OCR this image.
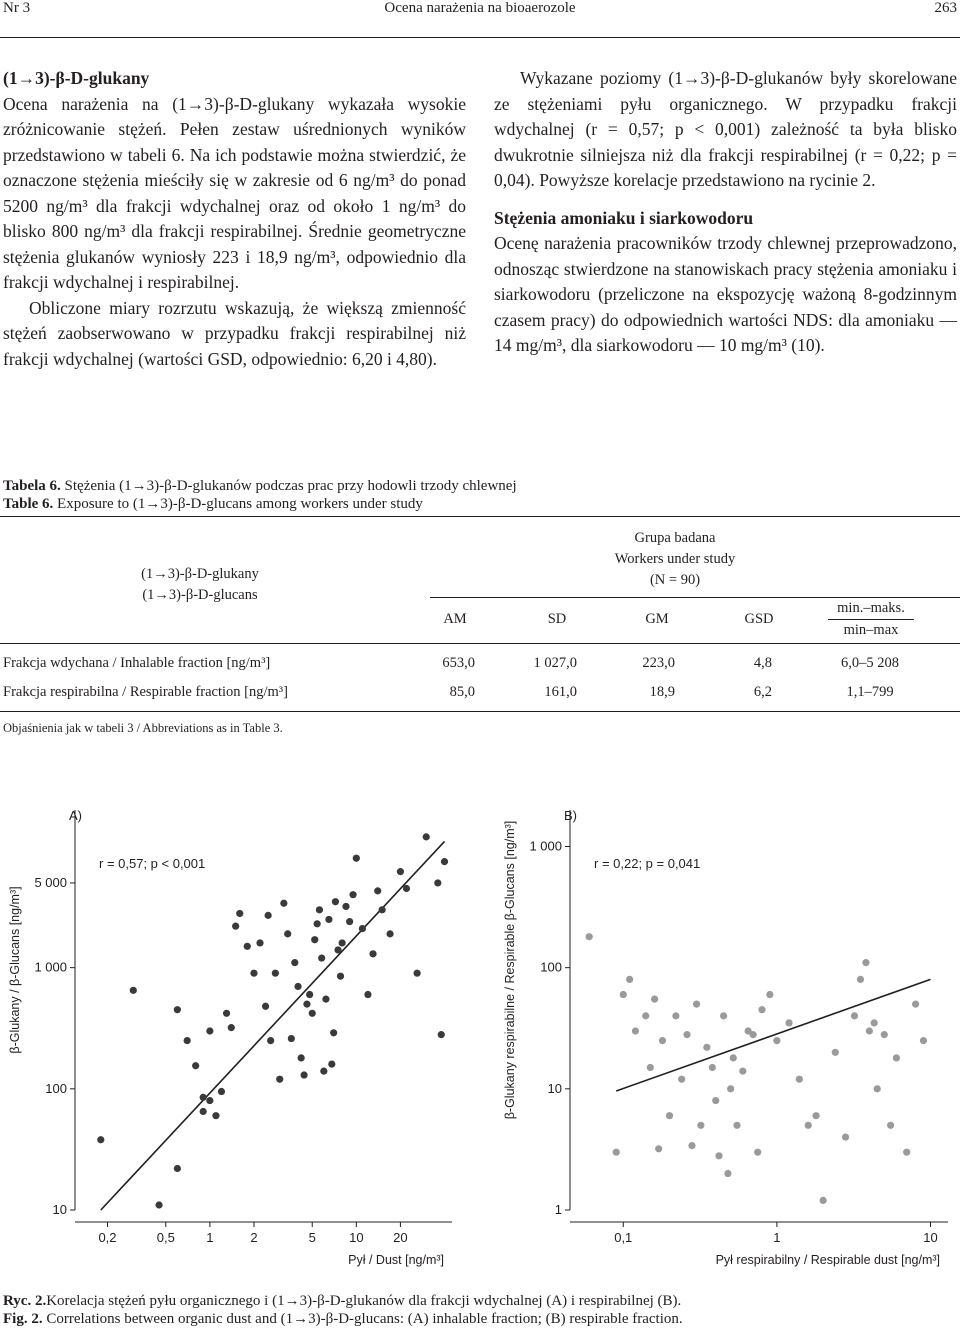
Nr 3	Ocena narażenia na bioaerozole	263
(1→3)-β-D-glukany

Ocena narażenia na (1→3)-β-D-glukany wykazała wysokie zróżnicowanie stężeń. Pełen zestaw uśrednionych wyników przedstawiono w tabeli 6. Na ich podstawie można stwierdzić, że oznaczone stężenia mieściły się w zakresie od 6 ng/m³ do ponad 5200 ng/m³ dla frakcji wdychalnej oraz od około 1 ng/m³ do blisko 800 ng/m³ dla frakcji respirabilnej. Średnie geometryczne stężenia glukanów wyniosły 223 i 18,9 ng/m³, odpowiednio dla frakcji wdychalnej i respirabilnej.

Obliczone miary rozrzutu wskazują, że większą zmienność stężeń zaobserwowano w przypadku frakcji respirabilnej niż frakcji wdychalnej (wartości GSD, odpowiednio: 6,20 i 4,80).

Wykazane poziomy (1→3)-β-D-glukanów były skorelowane ze stężeniami pyłu organicznego. W przypadku frakcji wdychalnej (r = 0,57; p < 0,001) zależność ta była blisko dwukrotnie silniejsza niż dla frakcji respirabilnej (r = 0,22; p = 0,04). Powyższe korelacje przedstawiono na rycinie 2.

Stężenia amoniaku i siarkowodoru

Ocenę narażenia pracowników trzody chlewnej przeprowadzono, odnosząc stwierdzone na stanowiskach pracy stężenia amoniaku i siarkowodoru (przeliczone na ekspozycję ważoną 8-godzinnym czasem pracy) do odpowiednich wartości NDS: dla amoniaku — 14 mg/m³, dla siarkowodoru — 10 mg/m³ (10).

Tabela 6. Stężenia (1→3)-β-D-glukanów podczas prac przy hodowli trzody chlewnej
Table 6. Exposure to (1→3)-β-D-glucans among workers under study
(1→3)-β-D-glukany
(1→3)-β-D-glucans
Grupa badana
Workers under study
(N = 90)
AM	SD	GM	GSD
min.–maks.
min–max
Frakcja wdychana / Inhalable fraction [ng/m³]	653,0	1 027,0	223,0	4,8	6,0–5 208
Frakcja respirabilna / Respirable fraction [ng/m³]	85,0	161,0	18,9	6,2	1,1–799
Objaśnienia jak w tabeli 3 / Abbreviations as in Table 3.
A)
10
100
1 000
5 000
0,2	0,5 1	2	5	10 20
Pył / Dust [ng/m³]
β-Glukany / β-Glucans [ng/m³]
r = 0,57; p < 0,001
B)
1
10
100
1 000
0,1	1	10
Pył respirabilny / Respirable dust [ng/m³]
β-Glukany respirabilne / Respirable β-Glucans [ng/m³]	r = 0,22; p = 0,041
Ryc. 2.Korelacja stężeń pyłu organicznego i (1→3)-β-D-glukanów dla frakcji wdychalnej (A) i respirabilnej (B).
Fig. 2. Correlations between organic dust and (1→3)-β-D-glucans: (A) inhalable fraction; (B) respirable fraction.
